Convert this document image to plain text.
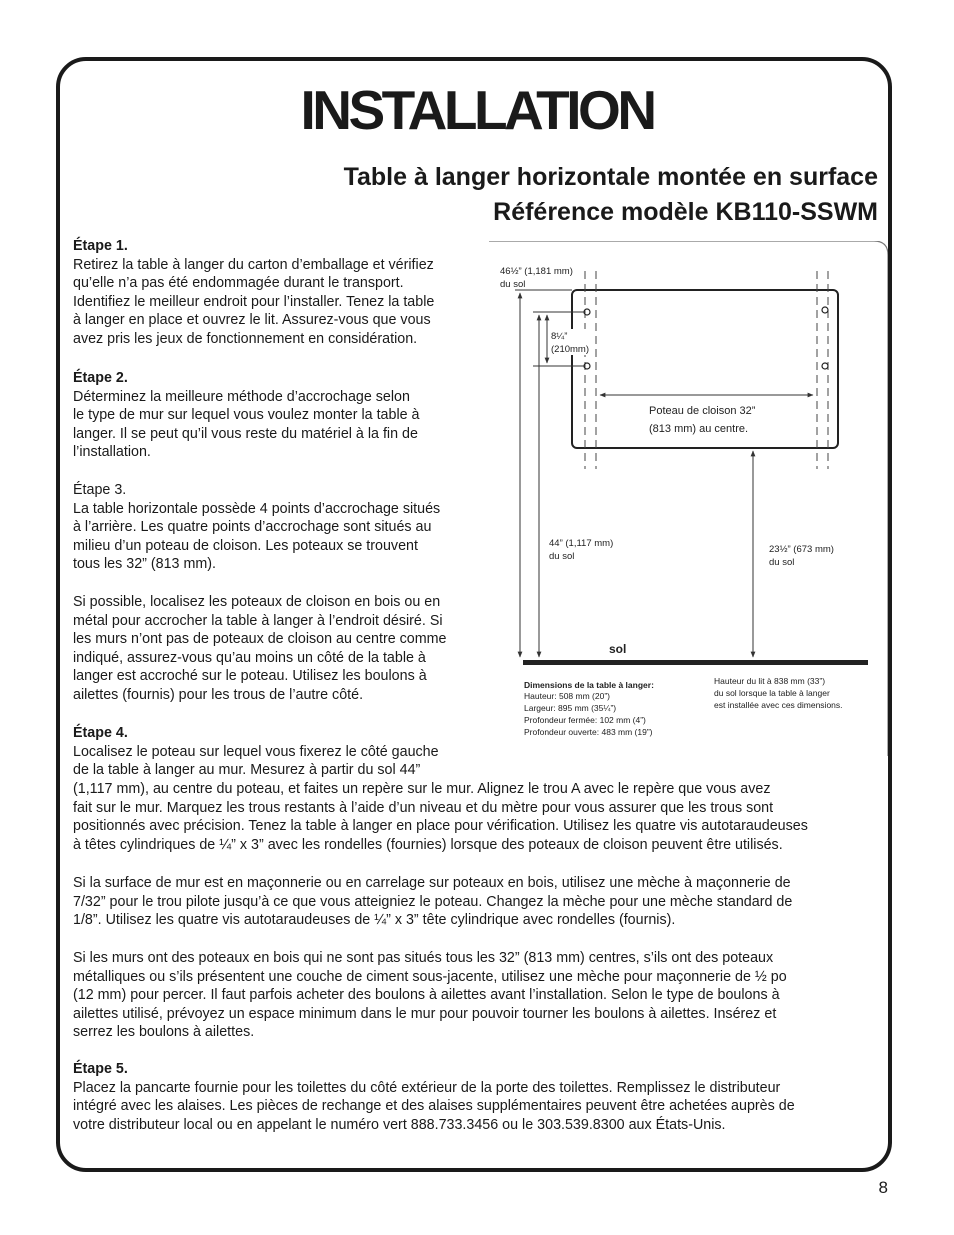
INSTALLATION
Table à langer horizontale montée en surface
Référence modèle KB110-SSWM
Étape 1.
Retirez la table à langer du carton d’emballage et vérifiez
qu’elle n’a pas été endommagée durant le transport.
Identifiez le meilleur endroit pour l’installer. Tenez la table
à langer en place et ouvrez le lit. Assurez-vous que vous
avez pris les jeux de fonctionnement en considération.
Étape 2.
Déterminez la meilleure méthode d’accrochage selon
le type de mur sur lequel vous voulez monter la table à
langer. Il se peut qu’il vous reste du matériel à la fin de
l’installation.
Étape 3.
La table horizontale possède 4 points d’accrochage situés
à l’arrière. Les quatre points d’accrochage sont situés au
milieu d’un poteau de cloison. Les poteaux se trouvent
tous les 32” (813 mm).
Si possible, localisez les poteaux de cloison en bois ou en
métal pour accrocher la table à langer à l’endroit désiré. Si
les murs n’ont pas de poteaux de cloison au centre comme
indiqué, assurez-vous qu’au moins un côté de la table à
langer est accroché sur le poteau. Utilisez les boulons à
ailettes (fournis) pour les trous de l’autre côté.
Étape 4.
Localisez le poteau sur lequel vous fixerez le côté gauche
de la table à langer au mur. Mesurez à partir du sol 44”
(1,117 mm), au centre du poteau, et faites un repère sur le mur. Alignez le trou A avec le repère que vous avez
fait sur le mur. Marquez les trous restants à l’aide d’un niveau et du mètre pour vous assurer que les trous sont
positionnés avec précision. Tenez la table à langer en place pour vérification. Utilisez les quatre vis autotaraudeuses
à têtes cylindriques de ¼” x 3” avec les rondelles (fournies) lorsque des poteaux de cloison peuvent être utilisés.
Si la surface de mur est en maçonnerie ou en carrelage sur poteaux en bois, utilisez une mèche à maçonnerie de
7/32” pour le trou pilote jusqu’à ce que vous atteigniez le poteau. Changez la mèche pour une mèche standard de
1/8”. Utilisez les quatre vis autotaraudeuses de ¼” x 3” tête cylindrique avec rondelles (fournis).
Si les murs ont des poteaux en bois qui ne sont pas situés tous les 32” (813 mm) centres, s’ils ont des poteaux
métalliques ou s’ils présentent une couche de ciment sous-jacente, utilisez une mèche pour maçonnerie de ½ po
(12 mm) pour percer. Il faut parfois acheter des boulons à ailettes avant l’installation. Selon le type de boulons à
ailettes utilisé, prévoyez un espace minimum dans le mur pour pouvoir tourner les boulons à ailettes. Insérez et
serrez les boulons à ailettes.
Étape 5.
Placez la pancarte fournie pour les toilettes du côté extérieur de la porte des toilettes. Remplissez le distributeur
intégré avec les alaises. Les pièces de rechange et des alaises supplémentaires peuvent être achetées auprès de
votre distributeur local ou en appelant le numéro vert 888.733.3456 ou le 303.539.8300 aux États-Unis.
46½” (1,181 mm)
du sol
8¼”
(210mm)
Poteau de cloison 32”
(813 mm) au centre.
44” (1,117 mm)
du sol
23½” (673 mm)
du sol
sol
Dimensions de la table à langer:
Hauteur: 508 mm (20”)
Largeur: 895 mm (35¼”)
Profondeur fermée: 102 mm (4”)
Profondeur ouverte: 483 mm (19”)
Hauteur du lit à 838 mm (33”)
du sol lorsque la table à langer
est installée avec ces dimensions.
8
